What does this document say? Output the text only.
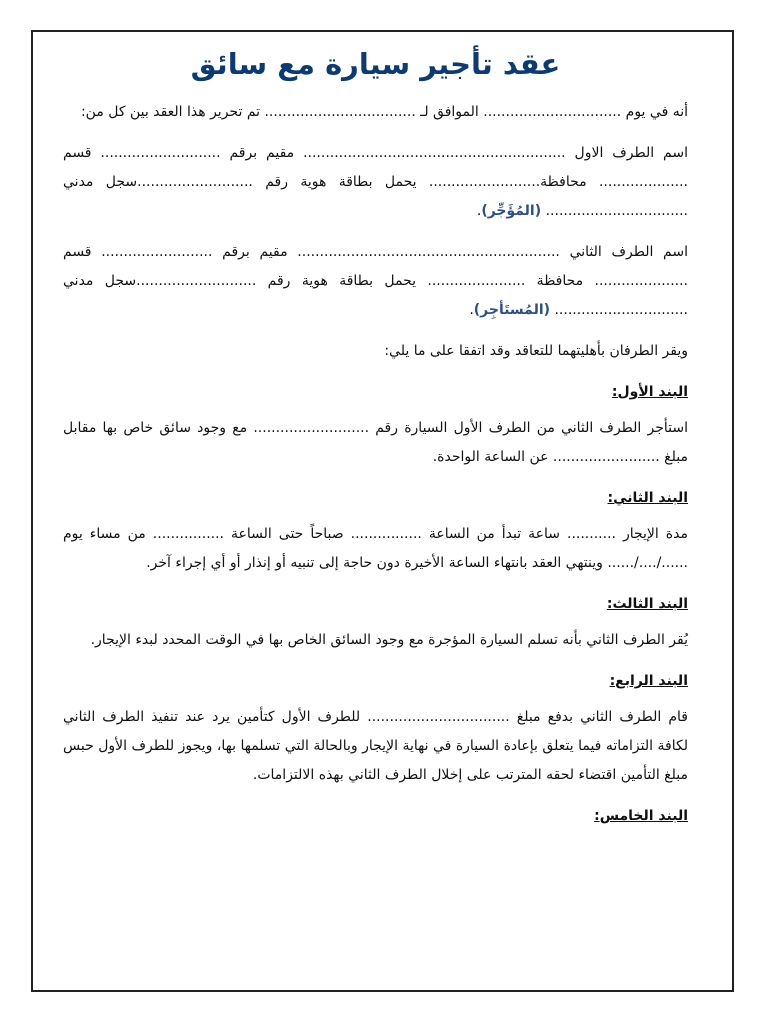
عقد تأجير سيارة مع سائق

أنه في يوم ............................... الموافق لـ .................................. تم تحرير هذا العقد بين كل من:

اسم الطرف الاول ........................................................... مقيم برقم ........................... قسم .................... محافظة......................... يحمل بطاقة هوية رقم ..........................سجل مدني ................................ (المُؤَجِّر).

اسم الطرف الثاني ........................................................... مقيم برقم ......................... قسم ..................... محافظة ...................... يحمل بطاقة هوية رقم ...........................سجل مدني .............................. (المُستَأجِر).

ويقر الطرفان بأهليتهما للتعاقد وقد اتفقا على ما يلي:

البند الأول:

استأجر الطرف الثاني من الطرف الأول السيارة رقم .......................... مع وجود سائق خاص بها مقابل مبلغ ........................ عن الساعة الواحدة.

البند الثاني:

مدة الإيجار ........... ساعة تبدأ من الساعة ................ صباحاً حتى الساعة ................ من مساء يوم ....../..../...... وينتهي العقد بانتهاء الساعة الأخيرة دون حاجة إلى تنبيه أو إنذار أو أي إجراء آخر.

البند الثالث:

يُقر الطرف الثاني بأنه تسلم السيارة المؤجرة مع وجود السائق الخاص بها في الوقت المحدد لبدء الإيجار.

البند الرابع:

قام الطرف الثاني بدفع مبلغ ................................ للطرف الأول كتأمين يرد عند تنفيذ الطرف الثاني لكافة التزاماته فيما يتعلق بإعادة السيارة في نهاية الإيجار وبالحالة التي تسلمها بها، ويجوز للطرف الأول حبس مبلغ التأمين اقتضاء لحقه المترتب على إخلال الطرف الثاني بهذه الالتزامات.

البند الخامس:
